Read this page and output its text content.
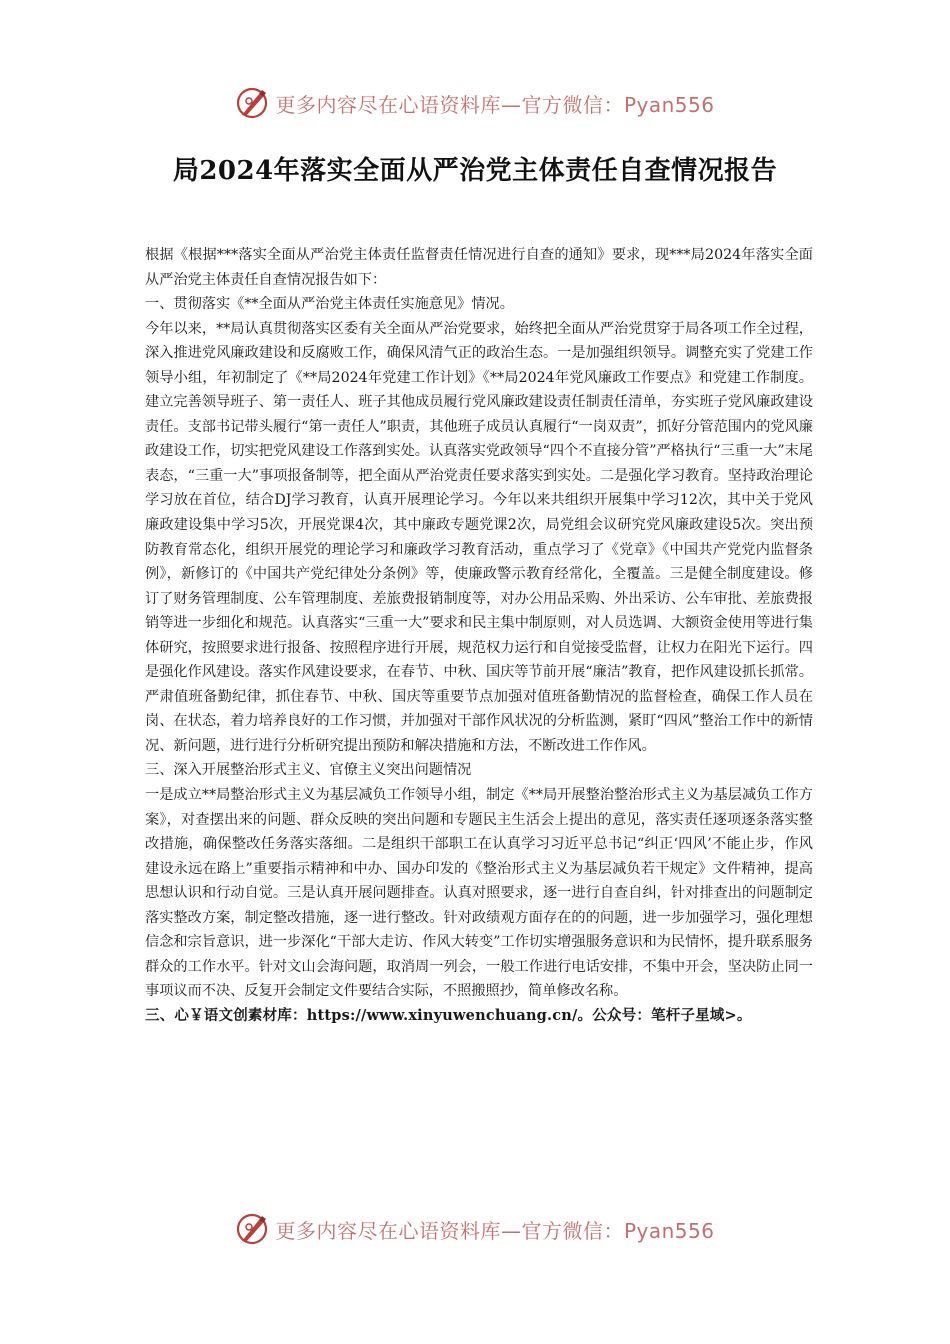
更多内容尽在心语资料库—官方微信：Pyan556
局2024年落实全面从严治党主体责任自查情况报告

根据《根据***落实全面从严治党主体责任监督责任情况进行自查的通知》要求，现***局2024年落实全面从严治党主体责任自查情况报告如下：

一、贯彻落实《**全面从严治党主体责任实施意见》情况。

今年以来，**局认真贯彻落实区委有关全面从严治党要求，始终把全面从严治党贯穿于局各项工作全过程，深入推进党风廉政建设和反腐败工作，确保风清气正的政治生态。一是加强组织领导。调整充实了党建工作领导小组，年初制定了《**局2024年党建工作计划》《**局2024年党风廉政工作要点》和党建工作制度。建立完善领导班子、第一责任人、班子其他成员履行党风廉政建设责任制责任清单，夯实班子党风廉政建设责任。支部书记带头履行“第一责任人”职责，其他班子成员认真履行“一岗双责”，抓好分管范围内的党风廉政建设工作，切实把党风建设工作落到实处。认真落实党政领导“四个不直接分管”严格执行“三重一大”末尾表态，“三重一大”事项报备制等，把全面从严治党责任要求落实到实处。二是强化学习教育。坚持政治理论学习放在首位，结合DJ学习教育，认真开展理论学习。今年以来共组织开展集中学习12次，其中关于党风廉政建设集中学习5次，开展党课4次，其中廉政专题党课2次，局党组会议研究党风廉政建设5次。突出预防教育常态化，组织开展党的理论学习和廉政学习教育活动，重点学习了《党章》《中国共产党党内监督条例》，新修订的《中国共产党纪律处分条例》等，使廉政警示教育经常化，全覆盖。三是健全制度建设。修订了财务管理制度、公车管理制度、差旅费报销制度等，对办公用品采购、外出采访、公车审批、差旅费报销等进一步细化和规范。认真落实“三重一大”要求和民主集中制原则，对人员选调、大额资金使用等进行集体研究，按照要求进行报备、按照程序进行开展，规范权力运行和自觉接受监督，让权力在阳光下运行。四是强化作风建设。落实作风建设要求，在春节、中秋、国庆等节前开展“廉洁”教育，把作风建设抓长抓常。严肃值班备勤纪律，抓住春节、中秋、国庆等重要节点加强对值班备勤情况的监督检查，确保工作人员在岗、在状态，着力培养良好的工作习惯，并加强对干部作风状况的分析监测，紧盯“四风”整治工作中的新情况、新问题，进行进行分析研究提出预防和解决措施和方法，不断改进工作作风。

三、深入开展整治形式主义、官僚主义突出问题情况

一是成立**局整治形式主义为基层减负工作领导小组，制定《**局开展整治整治形式主义为基层减负工作方案》，对查摆出来的问题、群众反映的突出问题和专题民主生活会上提出的意见，落实责任逐项逐条落实整改措施，确保整改任务落实落细。二是组织干部职工在认真学习习近平总书记“纠正‘四风’不能止步，作风建设永远在路上”重要指示精神和中办、国办印发的《整治形式主义为基层减负若干规定》文件精神，提高思想认识和行动自觉。三是认真开展问题排查。认真对照要求，逐一进行自查自纠，针对排查出的问题制定落实整改方案，制定整改措施，逐一进行整改。针对政绩观方面存在的的问题，进一步加强学习，强化理想信念和宗旨意识，进一步深化“干部大走访、作风大转变”工作切实增强服务意识和为民情怀，提升联系服务群众的工作水平。针对文山会海问题，取消周一列会，一般工作进行电话安排，不集中开会，坚决防止同一事项议而不决、反复开会制定文件要结合实际，不照搬照抄，简单修改名称。

三、心￥语文创素材库：https://www.xinyuwenchuang.cn/。公众号：笔杆子星域>。

更多内容尽在心语资料库—官方微信：Pyan556
